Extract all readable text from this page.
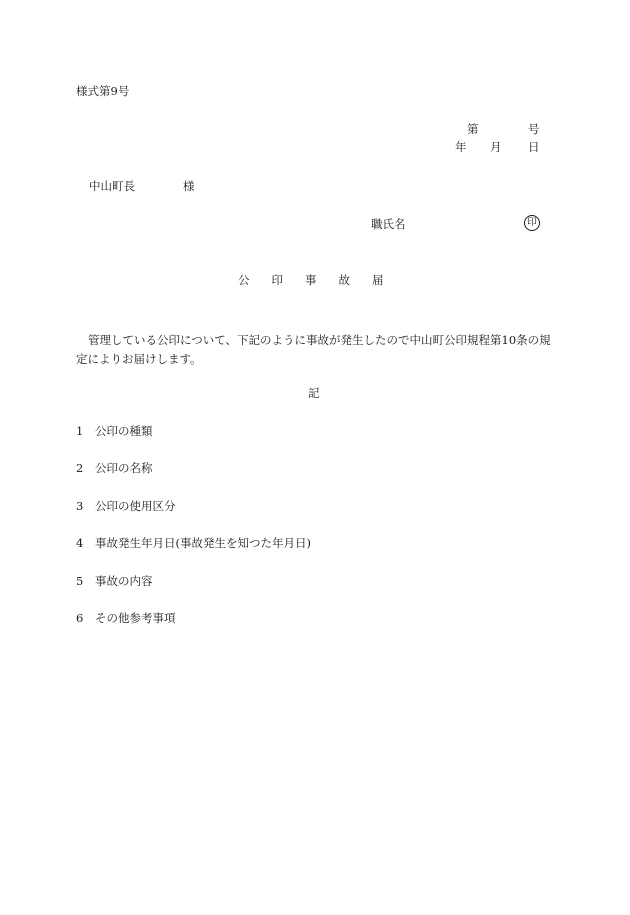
様式第9号
第	号
年 月 日
中山町長	様
職氏名	印
公 印 事 故 届
管理している公印について、下記のように事故が発生したので中山町公印規程第10条の規定によりお届けします。
記
1 公印の種類
2 公印の名称
3 公印の使用区分
4 事故発生年月日(事故発生を知つた年月日)
5 事故の内容
6 その他参考事項
